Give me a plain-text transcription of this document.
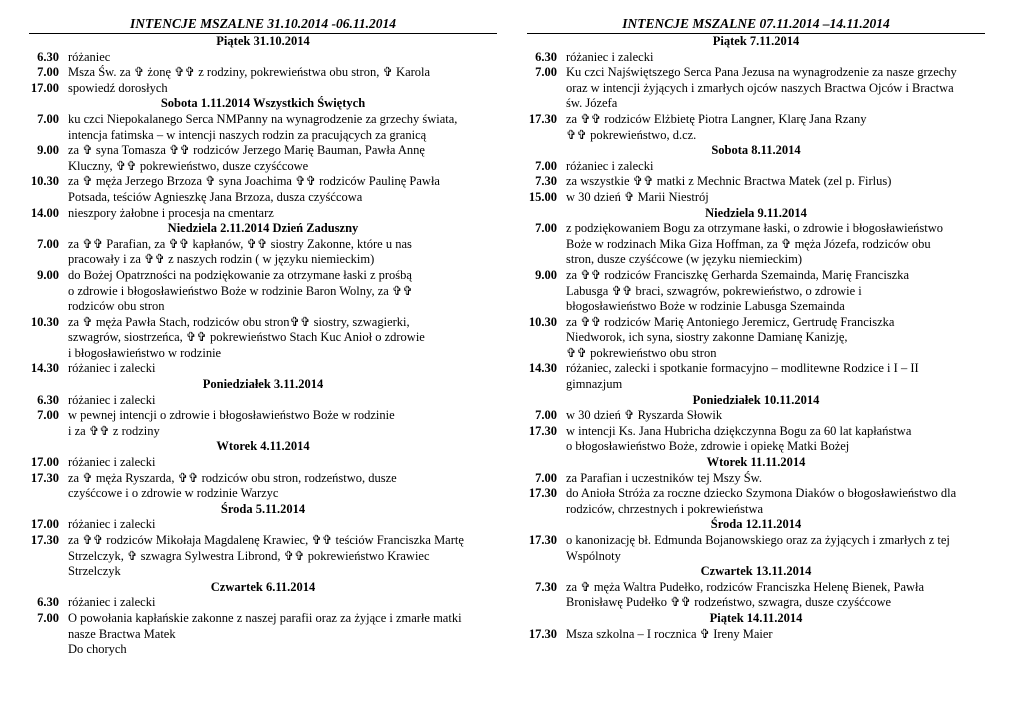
INTENCJE MSZALNE 31.10.2014 -06.11.2014
Piątek 31.10.2014
6.30 różaniec
7.00 Msza Św. za ✞ żonę ✞✞ z rodziny, pokrewieństwa obu stron, ✞ Karola
17.00 spowiedź dorosłych
Sobota 1.11.2014 Wszystkich Świętych
7.00 ku czci Niepokalanego Serca NMPanny na wynagrodzenie za grzechy świata,
intencja fatimska – w intencji naszych rodzin za pracujących za granicą
9.00 za ✞ syna Tomasza ✞✞ rodziców Jerzego Marię Bauman, Pawła Annę
Kluczny, ✞✞ pokrewieństwo, dusze czyśćcowe
10.30 za ✞ męża Jerzego Brzoza ✞ syna Joachima ✞✞ rodziców Paulinę Pawła
Potsada, teściów Agnieszkę Jana Brzoza, dusza czyśćcowa
14.00 nieszpory żałobne i procesja na cmentarz
Niedziela 2.11.2014 Dzień Zaduszny
7.00 za ✞✞ Parafian, za ✞✞ kapłanów, ✞✞ siostry Zakonne, które u nas
pracowały i za ✞✞ z naszych rodzin ( w języku niemieckim)
9.00 do Bożej Opatrzności na podziękowanie za otrzymane łaski z prośbą
o zdrowie i błogosławieństwo Boże w rodzinie Baron Wolny, za ✞✞
rodziców obu stron
10.30 za ✞ męża Pawła Stach, rodziców obu stron✞✞ siostry, szwagierki,
szwagrów, siostrzeńca, ✞✞ pokrewieństwo Stach Kuc Anioł o zdrowie
i błogosławieństwo w rodzinie
14.30 różaniec i zalecki
Poniedziałek 3.11.2014
6.30 różaniec i zalecki
7.00 w pewnej intencji o zdrowie i błogosławieństwo Boże w rodzinie
i za ✞✞ z rodziny
Wtorek 4.11.2014
17.00 różaniec i zalecki
17.30 za ✞ męża Ryszarda, ✞✞ rodziców obu stron, rodzeństwo, dusze
czyśćcowe i o zdrowie w rodzinie Warzyc
Środa 5.11.2014
17.00 różaniec i zalecki
17.30 za ✞✞ rodziców Mikołaja Magdalenę Krawiec, ✞✞ teściów Franciszka Martę
Strzelczyk, ✞ szwagra Sylwestra Librond, ✞✞ pokrewieństwo Krawiec
Strzelczyk
Czwartek 6.11.2014
6.30 różaniec i zalecki
7.00 O powołania kapłańskie zakonne z naszej parafii oraz za żyjące i zmarłe matki
nasze Bractwa Matek
Do chorych
INTENCJE MSZALNE 07.11.2014 –14.11.2014
Piątek 7.11.2014
6.30 różaniec i zalecki
7.00 Ku czci Najświętszego Serca Pana Jezusa na wynagrodzenie za nasze grzechy
oraz w intencji żyjących i zmarłych ojców naszych Bractwa Ojców i Bractwa
św. Józefa
17.30 za ✞✞ rodziców Elżbietę Piotra Langner, Klarę Jana Rzany
✞✞ pokrewieństwo, d.cz.
Sobota 8.11.2014
7.00 różaniec i zalecki
7.30 za wszystkie ✞✞ matki z Mechnic Bractwa Matek (zel p. Firlus)
15.00 w 30 dzień ✞ Marii Niestrój
Niedziela 9.11.2014
7.00 z podziękowaniem Bogu za otrzymane łaski, o zdrowie i błogosławieństwo
Boże w rodzinach Mika Giza Hoffman, za ✞ męża Józefa, rodziców obu
stron, dusze czyśćcowe (w języku niemieckim)
9.00 za ✞✞ rodziców Franciszkę Gerharda Szemainda, Marię Franciszka
Labusga ✞✞ braci, szwagrów, pokrewieństwo, o zdrowie i
błogosławieństwo Boże w rodzinie Labusga Szemainda
10.30 za ✞✞ rodziców Marię Antoniego Jeremicz, Gertrudę Franciszka
Niedworok, ich syna, siostry zakonne Damianę Kanizję,
✞✞ pokrewieństwo obu stron
14.30 różaniec, zalecki i spotkanie formacyjno – modlitewne Rodzice i I – II
gimnazjum
Poniedziałek 10.11.2014
7.00 w 30 dzień ✞ Ryszarda Słowik
17.30 w intencji Ks. Jana Hubricha dziękczynna Bogu za 60 lat kapłaństwa
o błogosławieństwo Boże, zdrowie i opiekę Matki Bożej
Wtorek 11.11.2014
7.00 za Parafian i uczestników tej Mszy Św.
17.30 do Anioła Stróża za roczne dziecko Szymona Diaków o błogosławieństwo dla
rodziców, chrzestnych i pokrewieństwa
Środa 12.11.2014
17.30 o kanonizację bł. Edmunda Bojanowskiego oraz za żyjących i zmarłych z tej
Wspólnoty
Czwartek 13.11.2014
7.30 za ✞ męża Waltra Pudełko, rodziców Franciszka Helenę Bienek, Pawła
Bronisławę Pudełko ✞✞ rodzeństwo, szwagra, dusze czyśćcowe
Piątek 14.11.2014
17.30 Msza szkolna – I rocznica ✞ Ireny Maier
